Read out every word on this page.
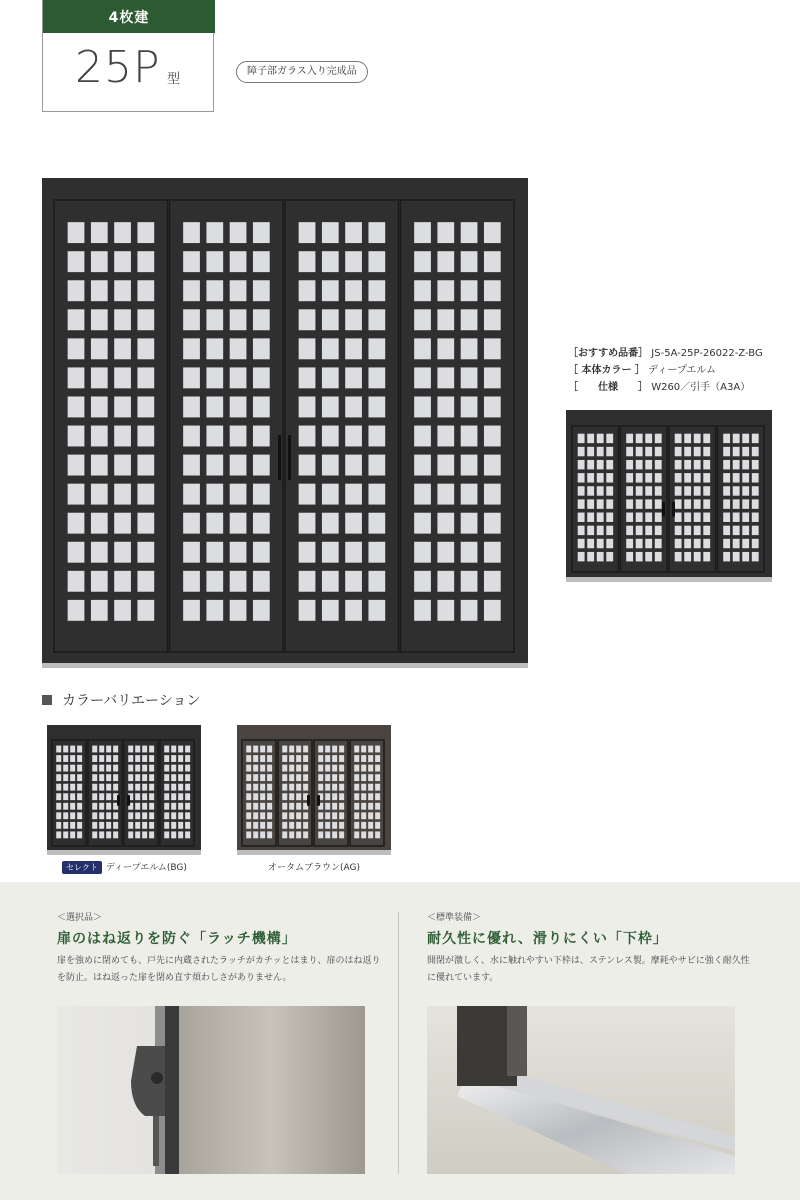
4枚建
25P 型
障子部ガラス入り完成品
［おすすめ品番］ JS-5A-25P-26022-Z-BG
［ 本体カラー ］ ディープエルム
［　　仕様　　］ W260／引手（A3A）
カラーバリエーション
セレクト ディープエルム(BG)	オータムブラウン(AG)
＜選択品＞
扉のはね返りを防ぐ「ラッチ機構」
扉を強めに閉めても、戸先に内蔵されたラッチがカチッとはまり、扉のはね返りを防止。はね返った扉を閉め直す煩わしさがありません。
＜標準装備＞
耐久性に優れ、滑りにくい「下枠」
開閉が激しく、水に触れやすい下枠は、ステンレス製。摩耗やサビに強く耐久性に優れています。
